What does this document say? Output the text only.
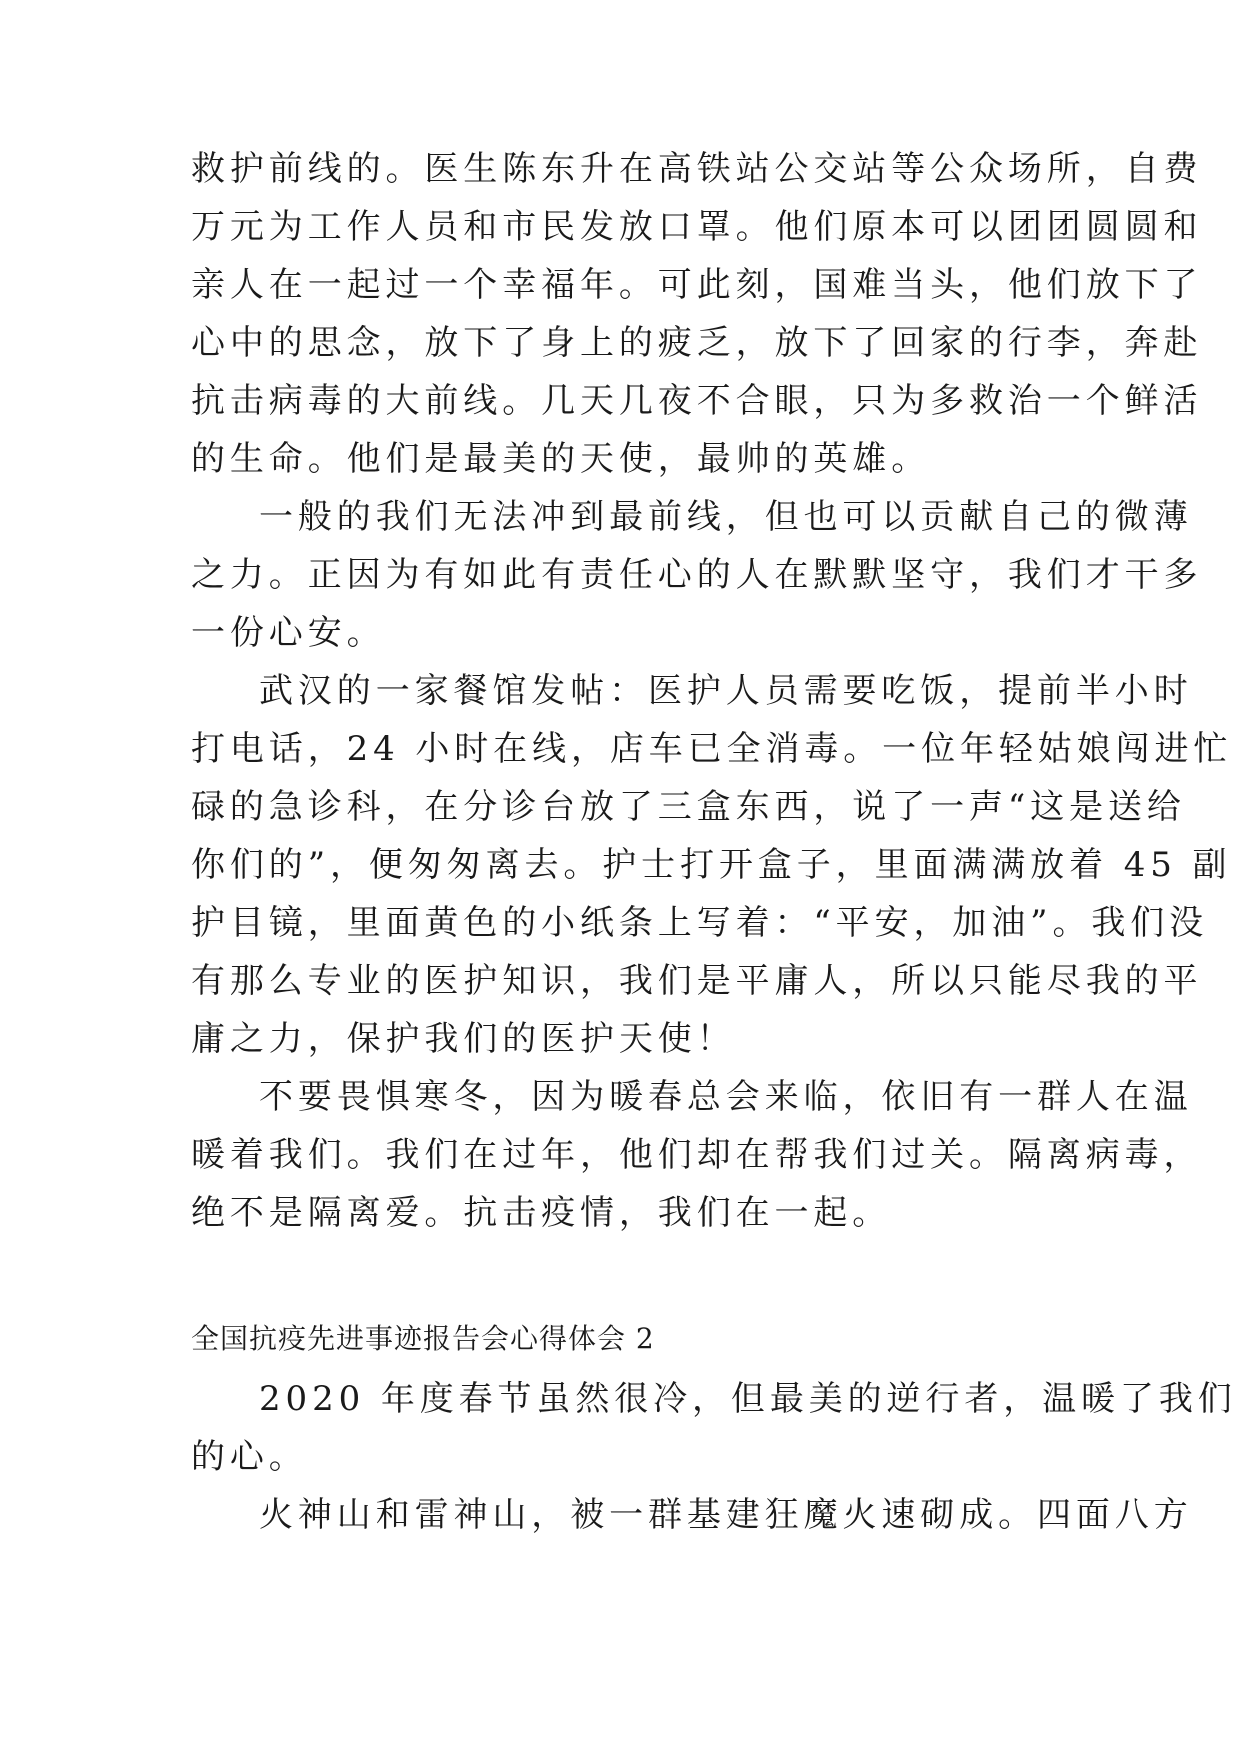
救护前线的。医生陈东升在高铁站公交站等公众场所，自费
万元为工作人员和市民发放口罩。他们原本可以团团圆圆和
亲人在一起过一个幸福年。可此刻，国难当头，他们放下了
心中的思念，放下了身上的疲乏，放下了回家的行李，奔赴
抗击病毒的大前线。几天几夜不合眼，只为多救治一个鲜活
的生命。他们是最美的天使，最帅的英雄。
一般的我们无法冲到最前线，但也可以贡献自己的微薄
之力。正因为有如此有责任心的人在默默坚守，我们才干多
一份心安。
武汉的一家餐馆发帖：医护人员需要吃饭，提前半小时
打电话，24 小时在线，店车已全消毒。一位年轻姑娘闯进忙
碌的急诊科，在分诊台放了三盒东西，说了一声“这是送给
你们的”，便匆匆离去。护士打开盒子，里面满满放着 45 副
护目镜，里面黄色的小纸条上写着：“平安，加油”。我们没
有那么专业的医护知识，我们是平庸人，所以只能尽我的平
庸之力，保护我们的医护天使！
不要畏惧寒冬，因为暖春总会来临，依旧有一群人在温
暖着我们。我们在过年，他们却在帮我们过关。隔离病毒，
绝不是隔离爱。抗击疫情，我们在一起。
全国抗疫先进事迹报告会心得体会 2
2020 年度春节虽然很冷，但最美的逆行者，温暖了我们
的心。
火神山和雷神山，被一群基建狂魔火速砌成。四面八方
